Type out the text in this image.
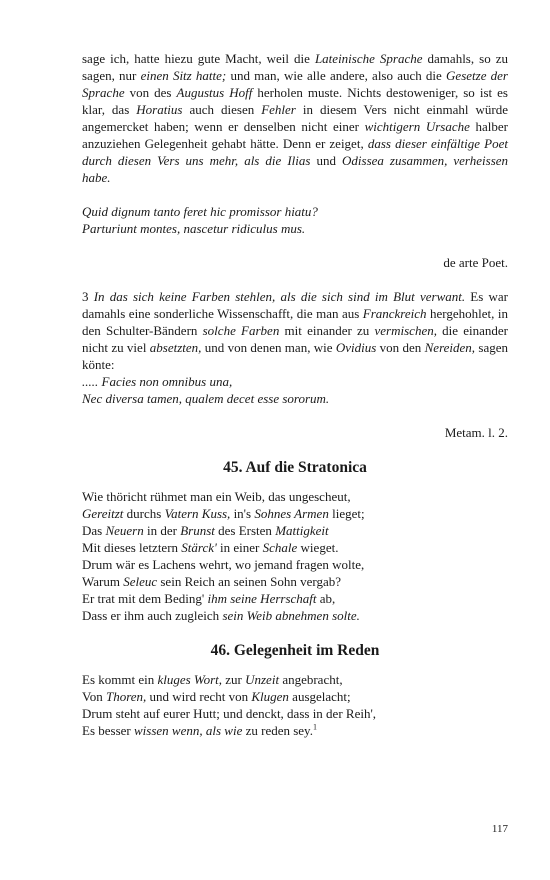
sage ich, hatte hiezu gute Macht, weil die Lateinische Sprache damahls, so zu sagen, nur einen Sitz hatte; und man, wie alle andere, also auch die Gesetze der Sprache von des Augustus Hoff herholen muste. Nichts destoweniger, so ist es klar, das Horatius auch diesen Fehler in diesem Vers nicht einmahl würde angemercket haben; wenn er denselben nicht einer wichtigern Ursache halber anzuziehen Gelegenheit gehabt hätte. Denn er zeiget, dass dieser einfältige Poet durch diesen Vers uns mehr, als die Ilias und Odissea zusammen, verheissen habe.

Quid dignum tanto feret hic promissor hiatu?
Parturiunt montes, nascetur ridiculus mus.

de arte Poet.

3 In das sich keine Farben stehlen, als die sich sind im Blut verwant. Es war damahls eine sonderliche Wissenschafft, die man aus Franckreich hergehohlet, in den Schulter-Bändern solche Farben mit einander zu vermischen, die einander nicht zu viel absetzten, und von denen man, wie Ovidius von den Nereiden, sagen könte:

..... Facies non omnibus una,
Nec diversa tamen, qualem decet esse sororum.

Metam. l. 2.

45. Auf die Stratonica
Wie thöricht rühmet man ein Weib, das ungescheut,
Gereitzt durchs Vatern Kuss, in's Sohnes Armen lieget;
Das Neuern in der Brunst des Ersten Mattigkeit
Mit dieses letztern Stärck' in einer Schale wieget.
Drum wär es Lachens wehrt, wo jemand fragen wolte,
Warum Seleuc sein Reich an seinen Sohn vergab?
Er trat mit dem Beding' ihm seine Herrschaft ab,
Dass er ihm auch zugleich sein Weib abnehmen solte.
46. Gelegenheit im Reden
Es kommt ein kluges Wort, zur Unzeit angebracht,
Von Thoren, und wird recht von Klugen ausgelacht;
Drum steht auf eurer Hutt; und denckt, dass in der Reih',
Es besser wissen wenn, als wie zu reden sey.$^1$
117
